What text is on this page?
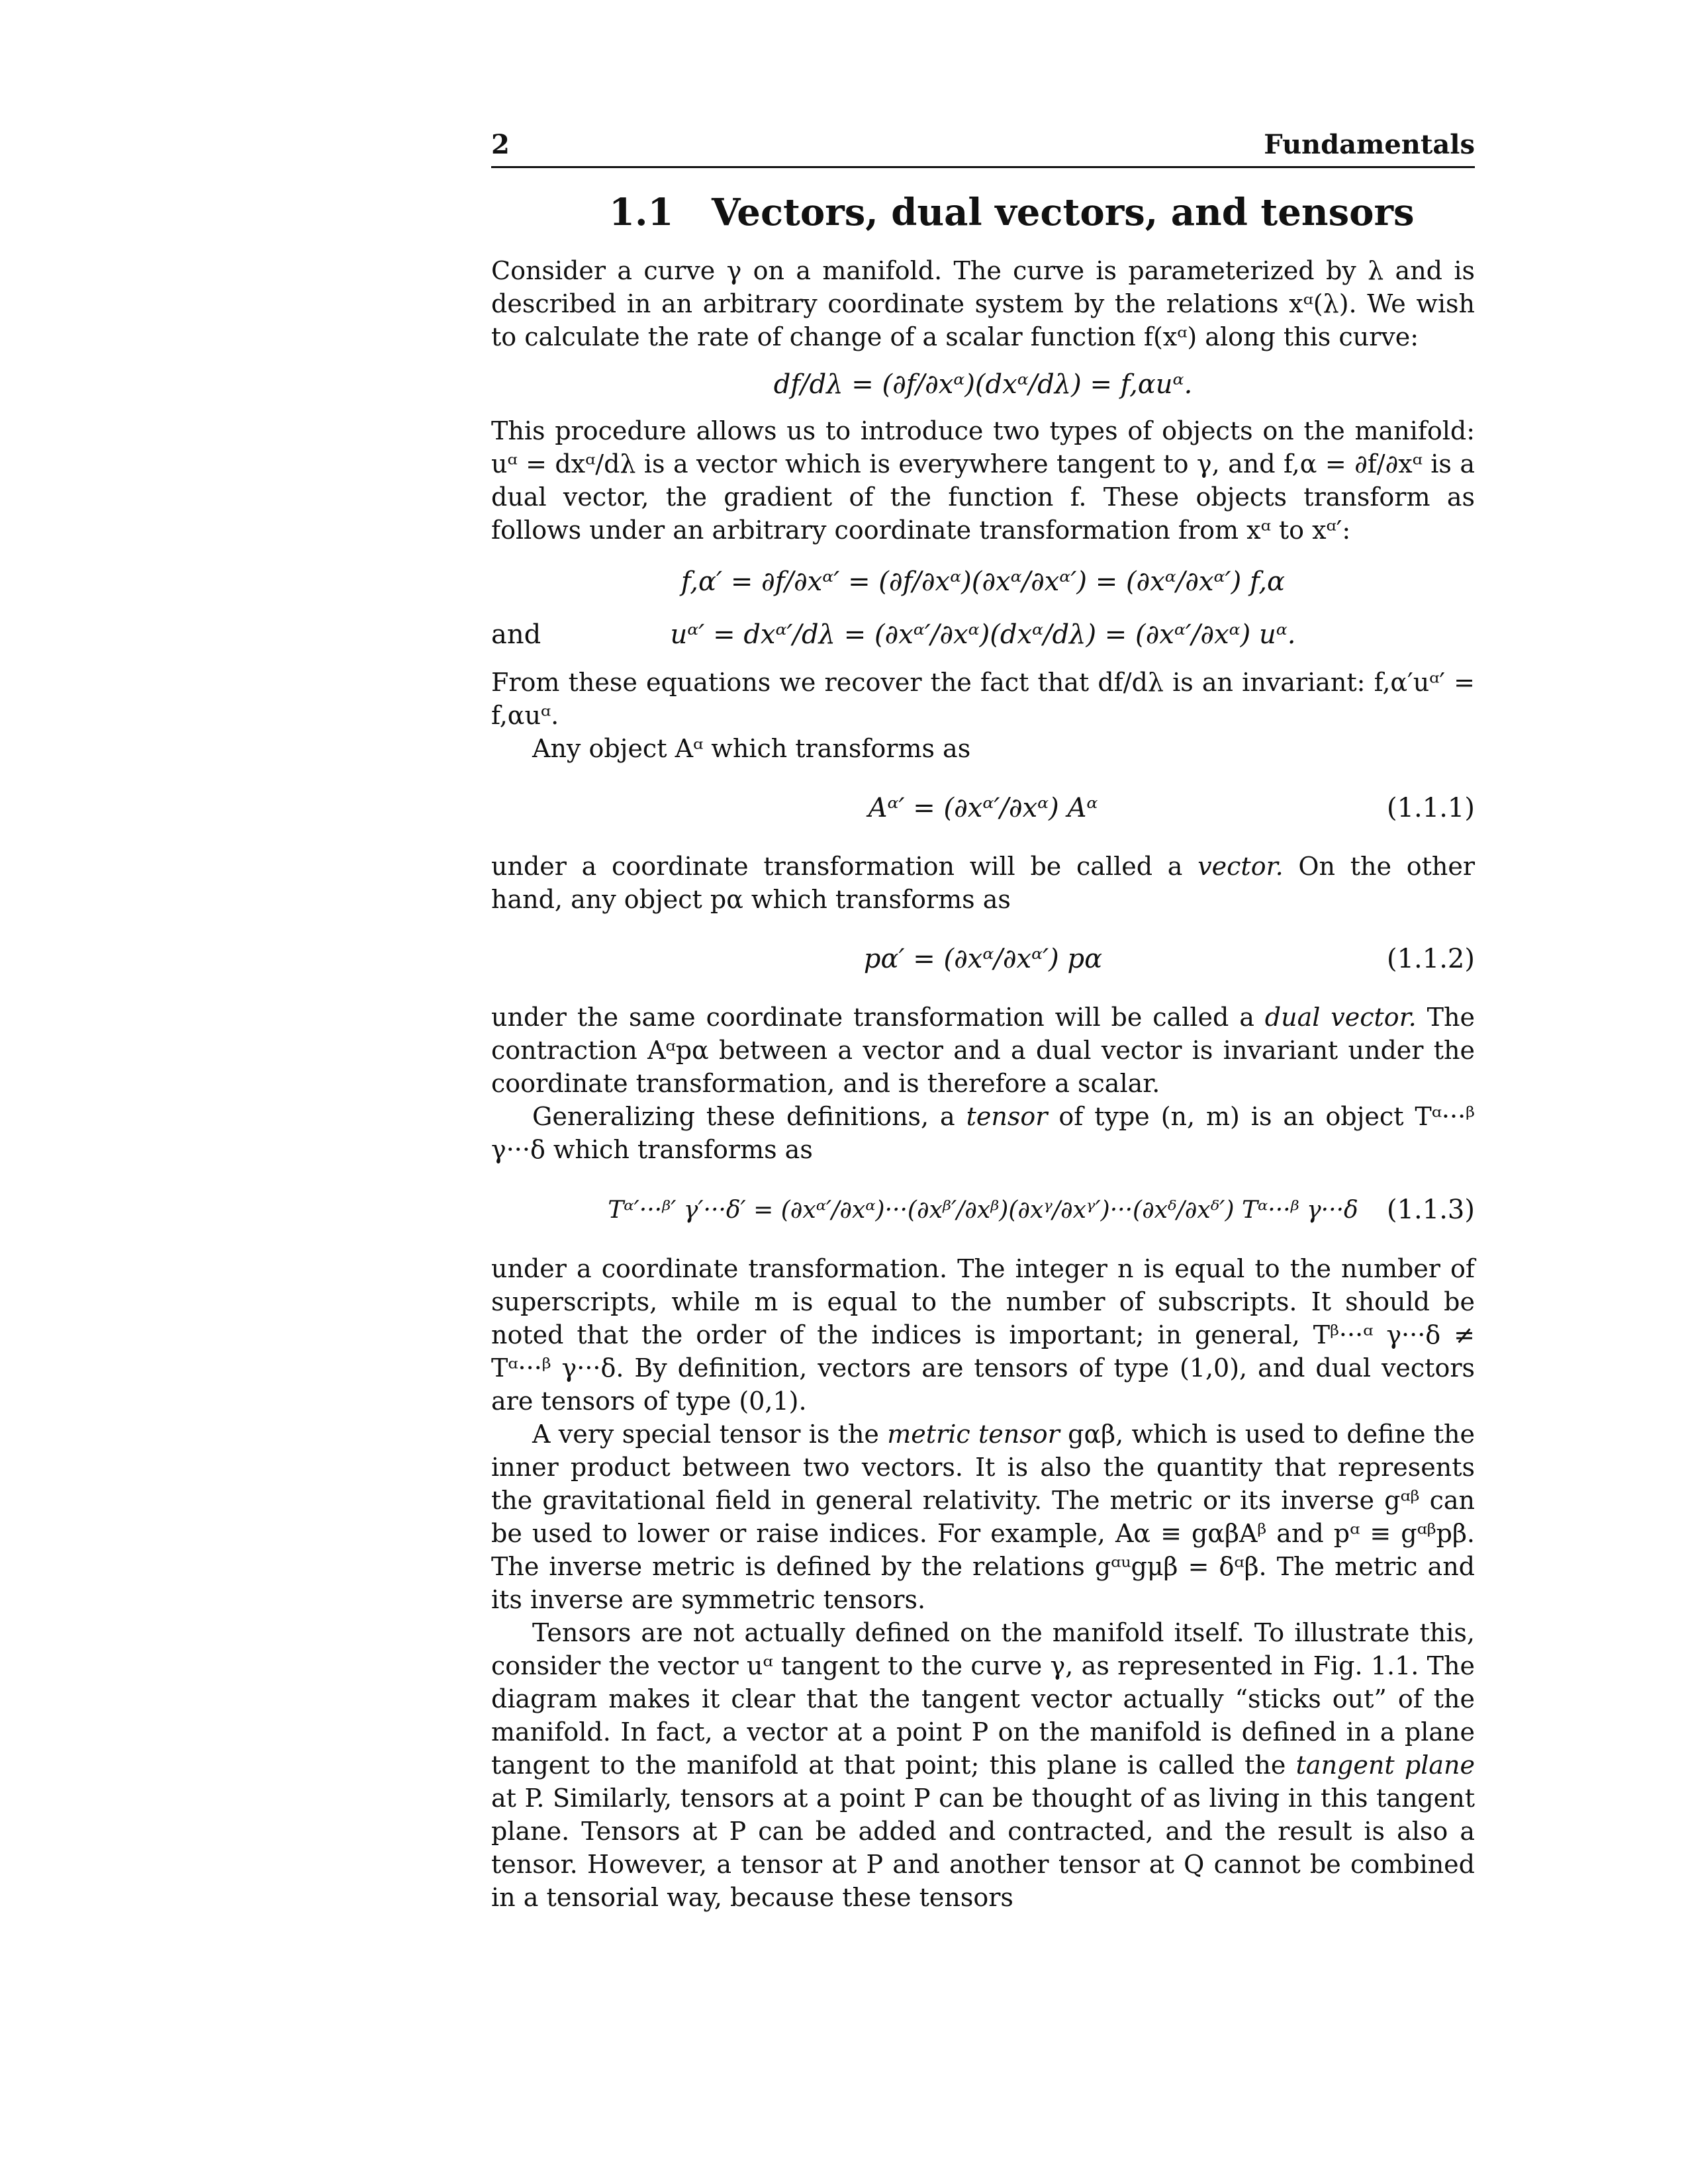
2	Fundamentals
1.1 Vectors, dual vectors, and tensors

Consider a curve γ on a manifold. The curve is parameterized by λ and is described in an arbitrary coordinate system by the relations xᵅ(λ). We wish to calculate the rate of change of a scalar function f(xᵅ) along this curve:

df/dλ = (∂f/∂xᵅ)(dxᵅ/dλ) = f,αuᵅ.

This procedure allows us to introduce two types of objects on the manifold: uᵅ = dxᵅ/dλ is a vector which is everywhere tangent to γ, and f,α = ∂f/∂xᵅ is a dual vector, the gradient of the function f. These objects transform as follows under an arbitrary coordinate transformation from xᵅ to xᵅ′:

f,α′ = ∂f/∂xᵅ′ = (∂f/∂xᵅ)(∂xᵅ/∂xᵅ′) = (∂xᵅ/∂xᵅ′) f,α
and	uᵅ′ = dxᵅ′/dλ = (∂xᵅ′/∂xᵅ)(dxᵅ/dλ) = (∂xᵅ′/∂xᵅ) uᵅ.

From these equations we recover the fact that df/dλ is an invariant: f,α′uᵅ′ = f,αuᵅ.

Any object Aᵅ which transforms as

Aᵅ′ = (∂xᵅ′/∂xᵅ) Aᵅ	(1.1.1)

under a coordinate transformation will be called a vector. On the other hand, any object pα which transforms as

pα′ = (∂xᵅ/∂xᵅ′) pα	(1.1.2)

under the same coordinate transformation will be called a dual vector. The contraction Aᵅpα between a vector and a dual vector is invariant under the coordinate transformation, and is therefore a scalar.

Generalizing these definitions, a tensor of type (n, m) is an object Tᵅ···ᵝ γ···δ which transforms as

Tᵅ′···ᵝ′ γ′···δ′ = (∂xᵅ′/∂xᵅ)···(∂xᵝ′/∂xᵝ)(∂xᵞ/∂xᵞ′)···(∂xᵟ/∂xᵟ′) Tᵅ···ᵝ γ···δ (1.1.3)

under a coordinate transformation. The integer n is equal to the number of superscripts, while m is equal to the number of subscripts. It should be noted that the order of the indices is important; in general, Tᵝ···ᵅ γ···δ ≠ Tᵅ···ᵝ γ···δ. By definition, vectors are tensors of type (1,0), and dual vectors are tensors of type (0,1).

A very special tensor is the metric tensor gαβ, which is used to define the inner product between two vectors. It is also the quantity that represents the gravitational field in general relativity. The metric or its inverse gᵅᵝ can be used to lower or raise indices. For example, Aα ≡ gαβAᵝ and pᵅ ≡ gᵅᵝpβ. The inverse metric is defined by the relations gᵅᵘgμβ = δᵅβ. The metric and its inverse are symmetric tensors.

Tensors are not actually defined on the manifold itself. To illustrate this, consider the vector uᵅ tangent to the curve γ, as represented in Fig. 1.1. The diagram makes it clear that the tangent vector actually “sticks out” of the manifold. In fact, a vector at a point P on the manifold is defined in a plane tangent to the manifold at that point; this plane is called the tangent plane at P. Similarly, tensors at a point P can be thought of as living in this tangent plane. Tensors at P can be added and contracted, and the result is also a tensor. However, a tensor at P and another tensor at Q cannot be combined in a tensorial way, because these tensors
